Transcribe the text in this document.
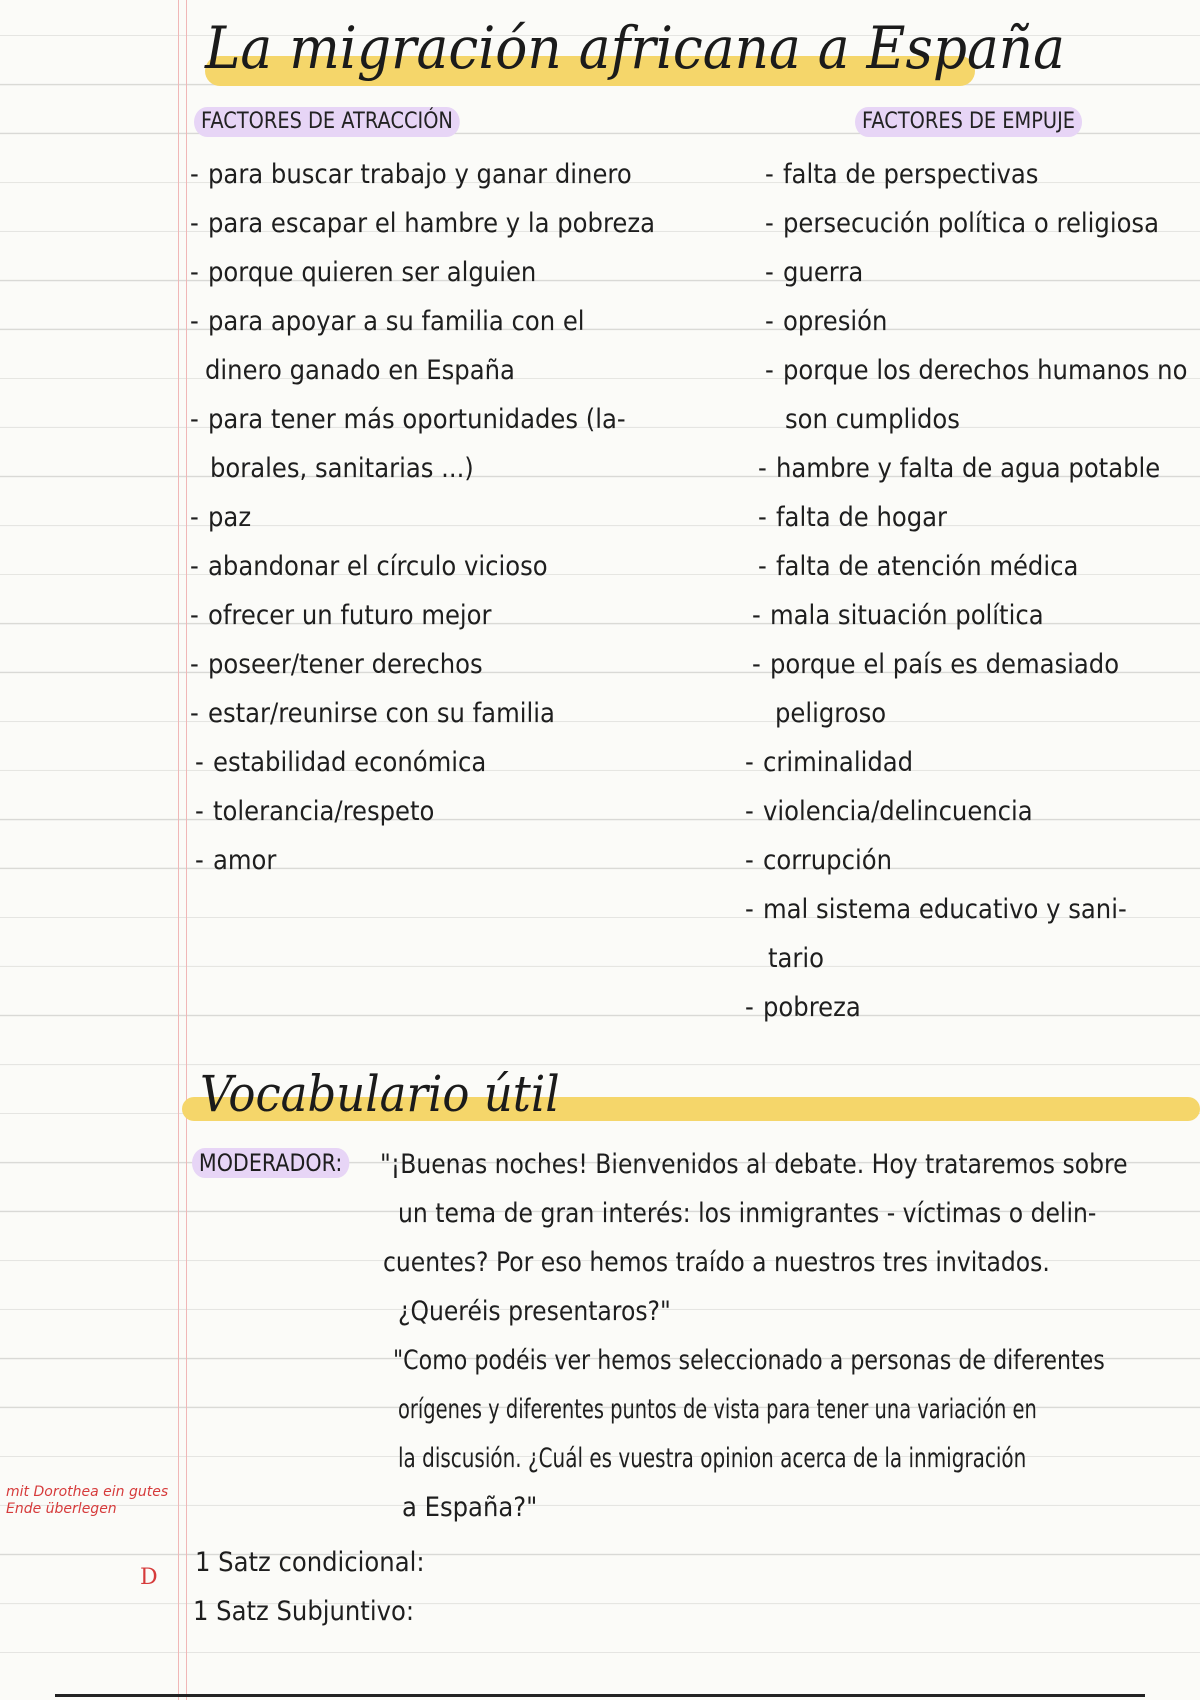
La migración africana a España
FACTORES DE ATRACCIÓN	FACTORES DE EMPUJE
- para buscar trabajo y ganar dinero
- para escapar el hambre y la pobreza
- porque quieren ser alguien
- para apoyar a su familia con el
dinero ganado en España
- para tener más oportunidades (la-
borales, sanitarias ...)
- paz
- abandonar el círculo vicioso
- ofrecer un futuro mejor
- poseer/tener derechos
- estar/reunirse con su familia
- estabilidad económica
- tolerancia/respeto
- amor
- falta de perspectivas
- persecución política o religiosa
- guerra
- opresión
- porque los derechos humanos no
son cumplidos
- hambre y falta de agua potable
- falta de hogar
- falta de atención médica
- mala situación política
- porque el país es demasiado
peligroso
- criminalidad
- violencia/delincuencia
- corrupción
- mal sistema educativo y sani-
tario
- pobreza
Vocabulario útil
MODERADOR: "¡Buenas noches! Bienvenidos al debate. Hoy trataremos sobre
un tema de gran interés: los inmigrantes - víctimas o delin-
cuentes? Por eso hemos traído a nuestros tres invitados.
¿Queréis presentaros?"
"Como podéis ver hemos seleccionado a personas de diferentes
orígenes y diferentes puntos de vista para tener una variación en
la discusión. ¿Cuál es vuestra opinion acerca de la inmigración
a España?"
1 Satz condicional:
1 Satz Subjuntivo:
mit Dorothea ein gutes
Ende überlegen
D
